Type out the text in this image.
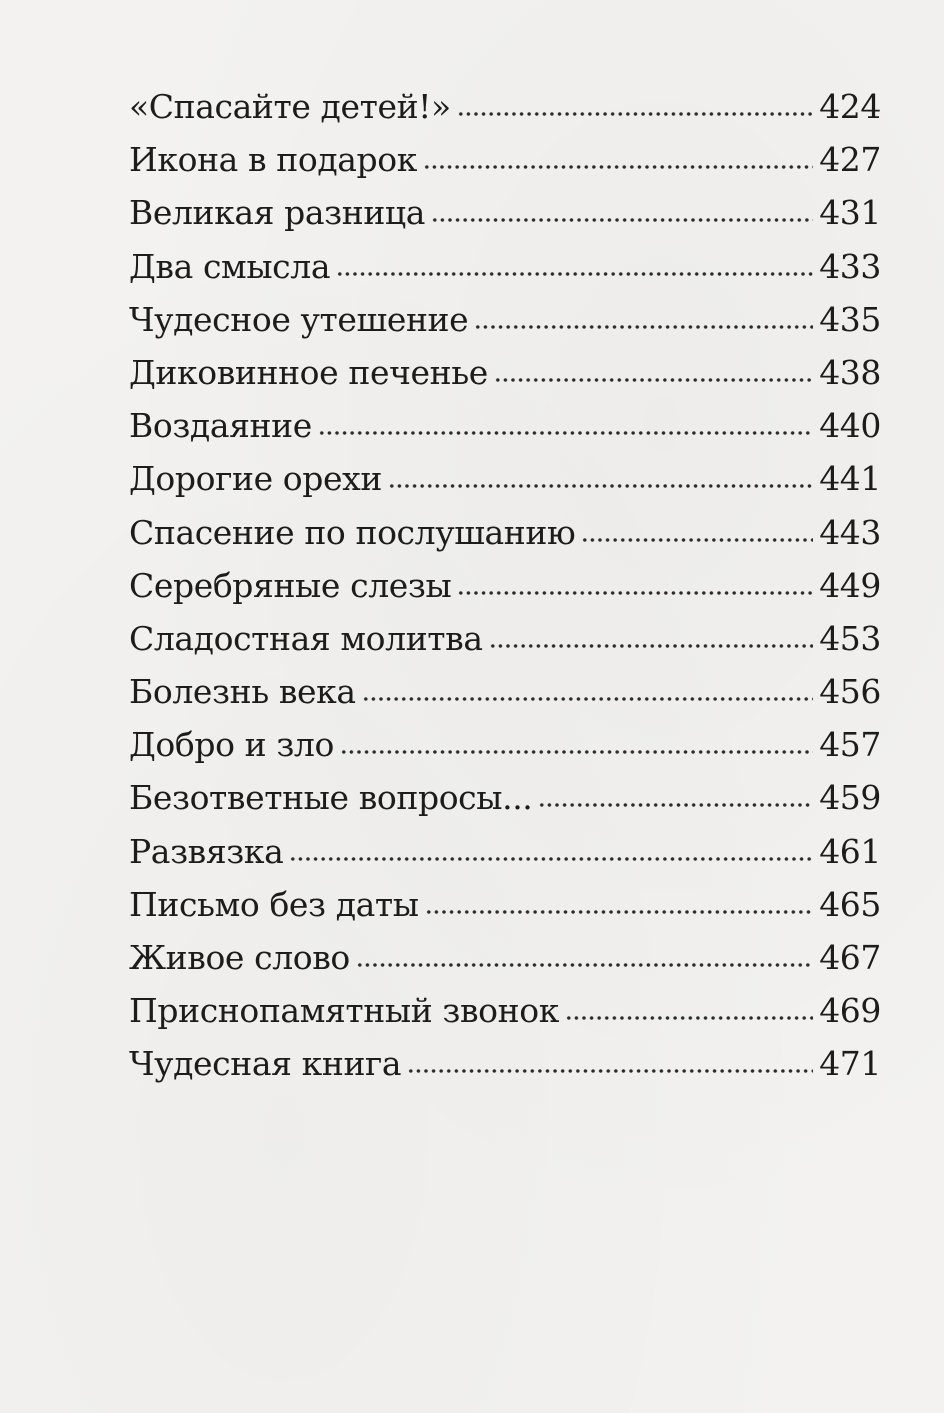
«Спасайте детей!»	424
Икона в подарок	427
Великая разница	431
Два смысла	433
Чудесное утешение	435
Диковинное печенье	438
Воздаяние	440
Дорогие орехи	441
Спасение по послушанию	443
Серебряные слезы	449
Сладостная молитва	453
Болезнь века	456
Добро и зло	457
Безответные вопросы...	459
Развязка	461
Письмо без даты	465
Живое слово	467
Приснопамятный звонок	469
Чудесная книга	471
